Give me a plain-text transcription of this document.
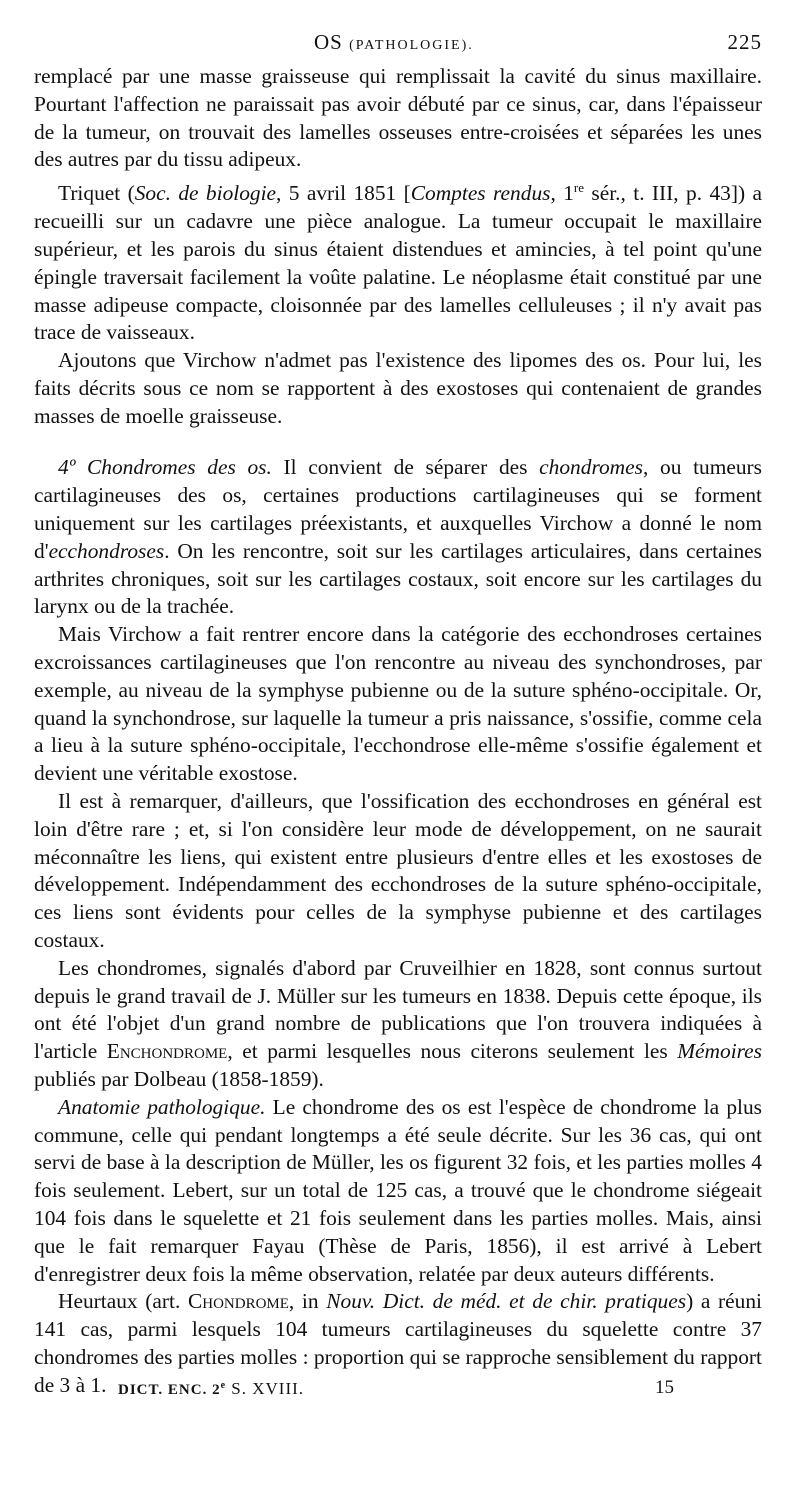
OS (PATHOLOGIE).	225

remplacé par une masse graisseuse qui remplissait la cavité du sinus maxillaire. Pourtant l'affection ne paraissait pas avoir débuté par ce sinus, car, dans l'épaisseur de la tumeur, on trouvait des lamelles osseuses entre-croisées et séparées les unes des autres par du tissu adipeux.

Triquet (Soc. de biologie, 5 avril 1851 [Comptes rendus, 1re sér., t. III, p. 43]) a recueilli sur un cadavre une pièce analogue. La tumeur occupait le maxillaire supérieur, et les parois du sinus étaient distendues et amincies, à tel point qu'une épingle traversait facilement la voûte palatine. Le néoplasme était constitué par une masse adipeuse compacte, cloisonnée par des lamelles celluleuses ; il n'y avait pas trace de vaisseaux.

Ajoutons que Virchow n'admet pas l'existence des lipomes des os. Pour lui, les faits décrits sous ce nom se rapportent à des exostoses qui contenaient de grandes masses de moelle graisseuse.

4º Chondromes des os. Il convient de séparer des chondromes, ou tumeurs cartilagineuses des os, certaines productions cartilagineuses qui se forment uniquement sur les cartilages préexistants, et auxquelles Virchow a donné le nom d'ecchondroses. On les rencontre, soit sur les cartilages articulaires, dans certaines arthrites chroniques, soit sur les cartilages costaux, soit encore sur les cartilages du larynx ou de la trachée.

Mais Virchow a fait rentrer encore dans la catégorie des ecchondroses certaines excroissances cartilagineuses que l'on rencontre au niveau des synchondroses, par exemple, au niveau de la symphyse pubienne ou de la suture sphéno-occipitale. Or, quand la synchondrose, sur laquelle la tumeur a pris naissance, s'ossifie, comme cela a lieu à la suture sphéno-occipitale, l'ecchondrose elle-même s'ossifie également et devient une véritable exostose.

Il est à remarquer, d'ailleurs, que l'ossification des ecchondroses en général est loin d'être rare ; et, si l'on considère leur mode de développement, on ne saurait méconnaître les liens, qui existent entre plusieurs d'entre elles et les exostoses de développement. Indépendamment des ecchondroses de la suture sphéno-occipitale, ces liens sont évidents pour celles de la symphyse pubienne et des cartilages costaux.

Les chondromes, signalés d'abord par Cruveilhier en 1828, sont connus surtout depuis le grand travail de J. Müller sur les tumeurs en 1838. Depuis cette époque, ils ont été l'objet d'un grand nombre de publications que l'on trouvera indiquées à l'article Enchondrome, et parmi lesquelles nous citerons seulement les Mémoires publiés par Dolbeau (1858-1859).

Anatomie pathologique. Le chondrome des os est l'espèce de chondrome la plus commune, celle qui pendant longtemps a été seule décrite. Sur les 36 cas, qui ont servi de base à la description de Müller, les os figurent 32 fois, et les parties molles 4 fois seulement. Lebert, sur un total de 125 cas, a trouvé que le chondrome siégeait 104 fois dans le squelette et 21 fois seulement dans les parties molles. Mais, ainsi que le fait remarquer Fayau (Thèse de Paris, 1856), il est arrivé à Lebert d'enregistrer deux fois la même observation, relatée par deux auteurs différents.

Heurtaux (art. Chondrome, in Nouv. Dict. de méd. et de chir. pratiques) a réuni 141 cas, parmi lesquels 104 tumeurs cartilagineuses du squelette contre 37 chondromes des parties molles : proportion qui se rapproche sensiblement du rapport de 3 à 1. DICT. ENC. 2e S. XVIII.	15
